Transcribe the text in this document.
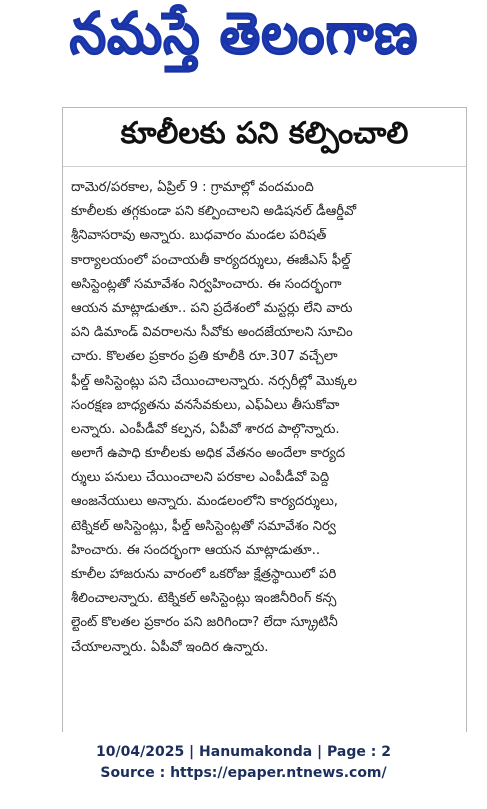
నమస్తే తెలంగాణ
కూలీలకు పని కల్పించాలి
దామెర/పరకాల, ఏప్రిల్ 9 : గ్రామాల్లో వందమంది
కూలీలకు తగ్గకుండా పని కల్పించాలని అడిషనల్ డీఆర్డీవో
శ్రీనివాసరావు అన్నారు. బుధవారం మండల పరిషత్
కార్యాలయంలో పంచాయతీ కార్యదర్శులు, ఈజీఎస్ ఫీల్డ్
అసిస్టెంట్లతో సమావేశం నిర్వహించారు. ఈ సందర్భంగా
ఆయన మాట్లాడుతూ.. పని ప్రదేశంలో మస్టర్లు లేని వారు
పని డిమాండ్ వివరాలను సీవోకు అందజేయాలని సూచిం
చారు. కొలతల ప్రకారం ప్రతి కూలీకి రూ.307 వచ్చేలా
ఫీల్డ్ అసిస్టెంట్లు పని చేయించాలన్నారు. నర్సరీల్లో మొక్కల
సంరక్షణ బాధ్యతను వనసేవకులు, ఎఫ్ఏలు తీసుకోవా
లన్నారు. ఎంపీడీవో కల్పన, ఏపీవో శారద పాల్గొన్నారు.
అలాగే ఉపాధి కూలీలకు అధిక వేతనం అందేలా కార్యద
ర్శులు పనులు చేయించాలని పరకాల ఎంపీడీవో పెద్ది
ఆంజనేయులు అన్నారు. మండలంలోని కార్యదర్శులు,
టెక్నికల్ అసిస్టెంట్లు, ఫీల్డ్ అసిస్టెంట్లతో సమావేశం నిర్వ
హించారు. ఈ సందర్భంగా ఆయన మాట్లాడుతూ..
కూలీల హాజరును వారంలో ఒకరోజు క్షేత్రస్థాయిలో పరి
శీలించాలన్నారు. టెక్నికల్ అసిస్టెంట్లు ఇంజినీరింగ్ కన్స
ల్టెంట్ కొలతల ప్రకారం పని జరిగిందా? లేదా స్క్రూటినీ
చేయాలన్నారు. ఏపీవో ఇందిర ఉన్నారు.
10/04/2025 | Hanumakonda | Page : 2
Source : https://epaper.ntnews.com/
